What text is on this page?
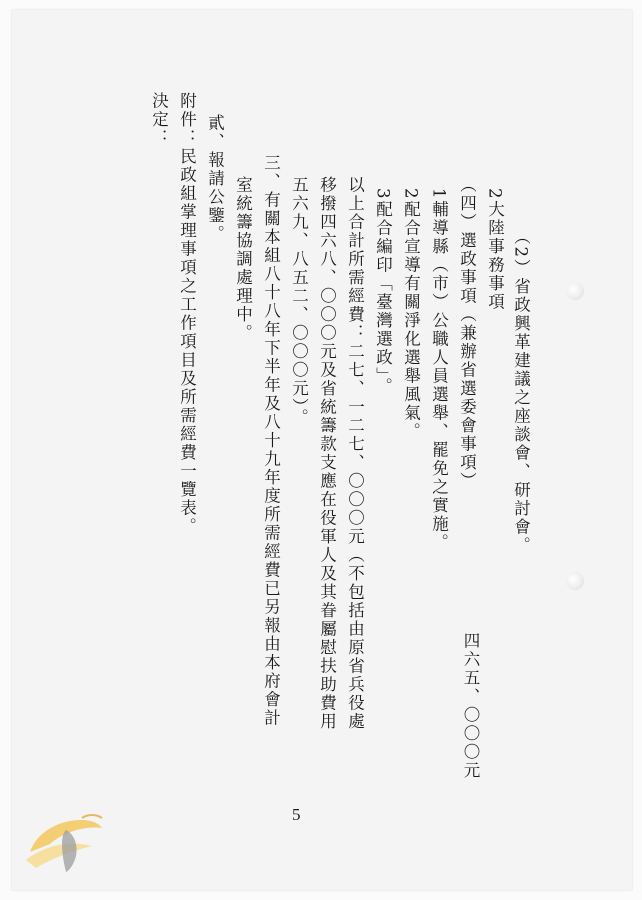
（2）省政興革建議之座談會、研討會。
2大陸事務事項
（四）選政事項（兼辦省選委會事項）
1輔導縣（市）公職人員選舉、罷免之實施。
2配合宣導有關淨化選舉風氣。
3配合編印「臺灣選政」。
以上合計所需經費：二七、一二七、〇〇〇元（不包括由原省兵役處
移撥四六八、〇〇〇元及省統籌款支應在役軍人及其眷屬慰扶助費用
五六九、八五二、〇〇〇元）。
三、有關本組八十八年下半年及八十九年度所需經費已另報由本府會計
室統籌協調處理中。
貳、報請公鑒。
附件：民政組掌理事項之工作項目及所需經費一覽表。
決定：
四六五、〇〇〇元
5
